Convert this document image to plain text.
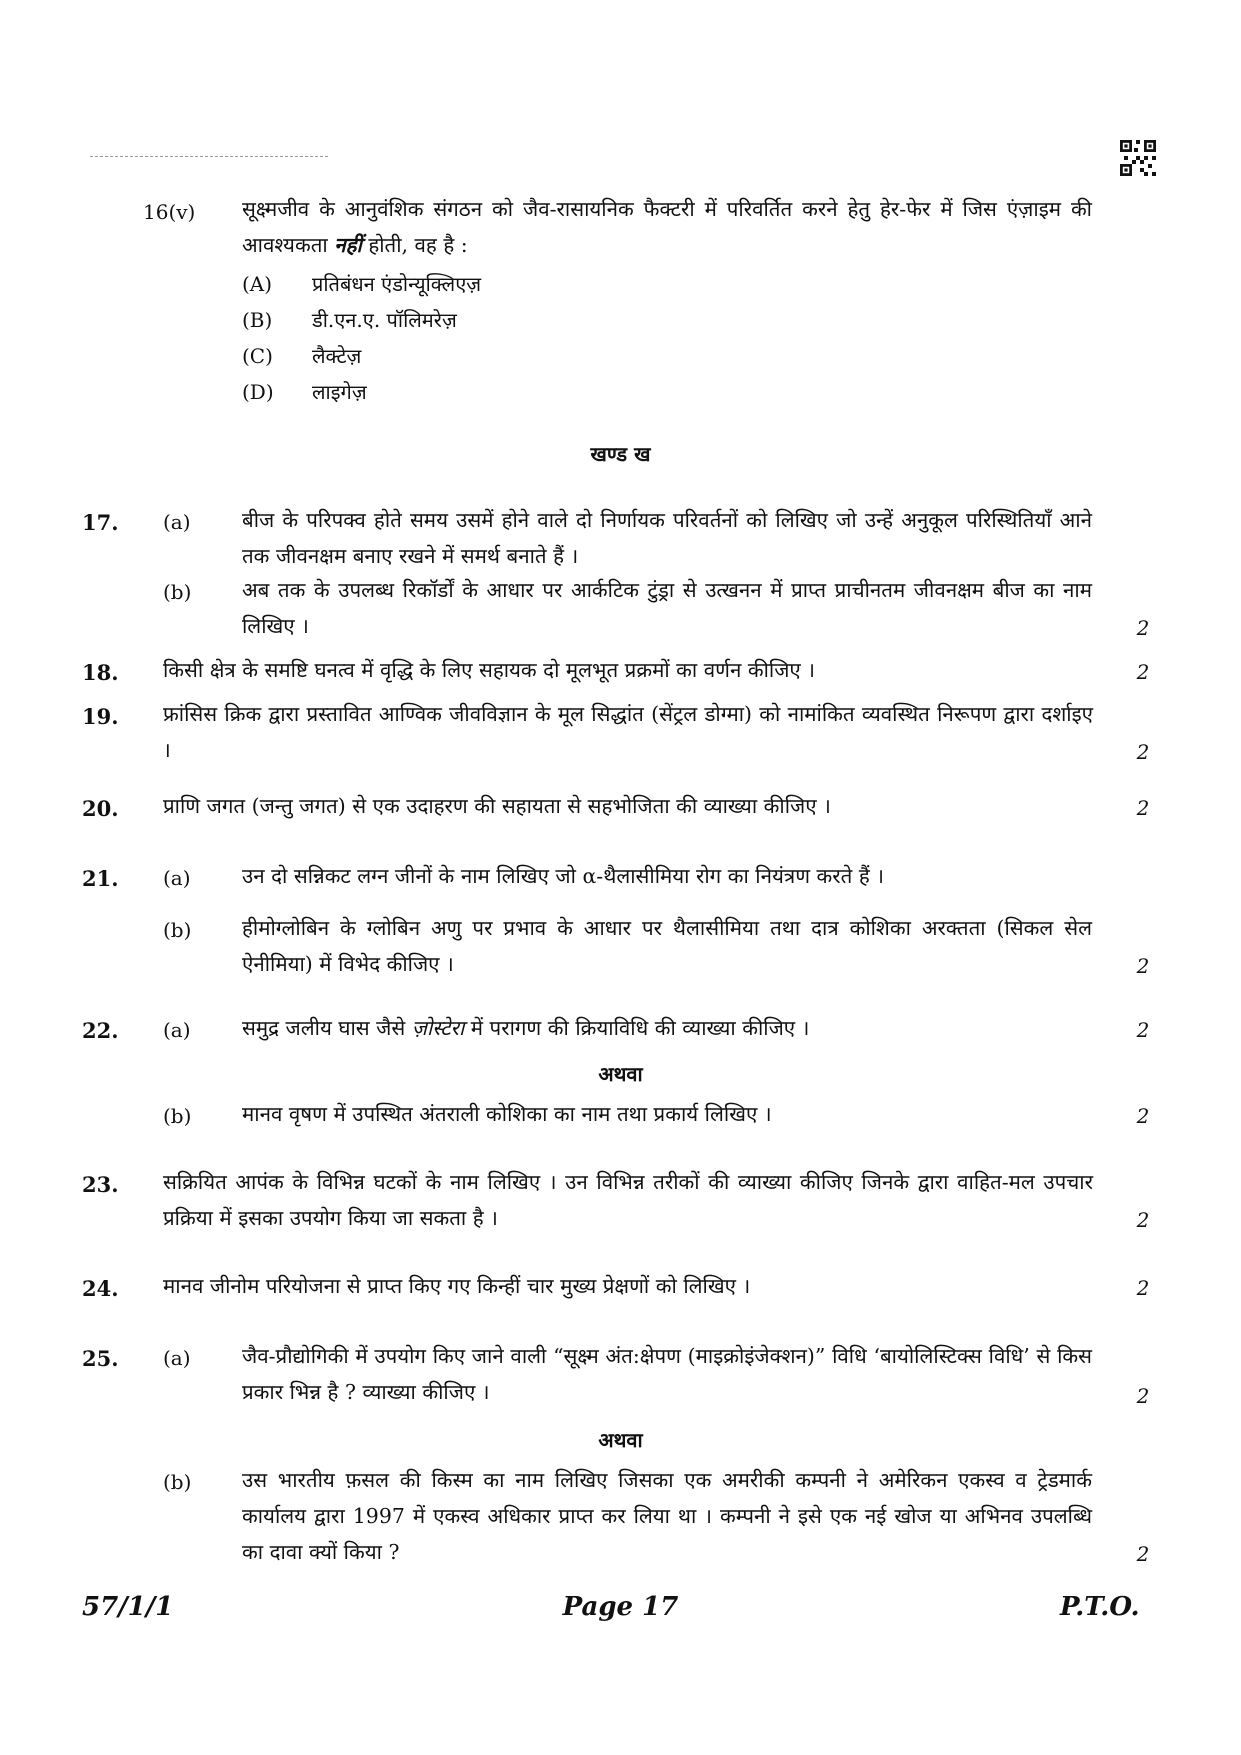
16(v) सूक्ष्मजीव के आनुवंशिक संगठन को जैव-रासायनिक फैक्टरी में परिवर्तित करने हेतु हेर-फेर में जिस एंज़ाइम की आवश्यकता नहीं होती, वह है :
(A) प्रतिबंधन एंडोन्यूक्लिएज़
(B) डी.एन.ए. पॉलिमरेज़
(C) लैक्टेज़
(D) लाइगेज़
खण्ड ख
17. (a)	बीज के परिपक्व होते समय उसमें होने वाले दो निर्णायक परिवर्तनों को लिखिए जो उन्हें अनुकूल परिस्थितियाँ आने तक जीवनक्षम बनाए रखने में समर्थ बनाते हैं ।
(b) अब तक के उपलब्ध रिकॉर्डों के आधार पर आर्कटिक टुंड्रा से उत्खनन में प्राप्त प्राचीनतम जीवनक्षम बीज का नाम लिखिए ।	2
18. किसी क्षेत्र के समष्टि घनत्व में वृद्धि के लिए सहायक दो मूलभूत प्रक्रमों का वर्णन कीजिए ।	2
19. फ्रांसिस क्रिक द्वारा प्रस्तावित आण्विक जीवविज्ञान के मूल सिद्धांत (सेंट्रल डोग्मा) को नामांकित व्यवस्थित निरूपण द्वारा दर्शाइए ।	2
20. प्राणि जगत (जन्तु जगत) से एक उदाहरण की सहायता से सहभोजिता की व्याख्या कीजिए ।	2
21. (a)	उन दो सन्निकट लग्न जीनों के नाम लिखिए जो α-थैलासीमिया रोग का नियंत्रण करते हैं ।
(b) हीमोग्लोबिन के ग्लोबिन अणु पर प्रभाव के आधार पर थैलासीमिया तथा दात्र कोशिका अरक्तता (सिकल सेल ऐनीमिया) में विभेद कीजिए ।	2
22. (a)	समुद्र जलीय घास जैसे ज़ोस्टेरा में परागण की क्रियाविधि की व्याख्या कीजिए ।	2
अथवा
(b) मानव वृषण में उपस्थित अंतराली कोशिका का नाम तथा प्रकार्य लिखिए ।	2
23. सक्रियित आपंक के विभिन्न घटकों के नाम लिखिए । उन विभिन्न तरीकों की व्याख्या कीजिए जिनके द्वारा वाहित-मल उपचार प्रक्रिया में इसका उपयोग किया जा सकता है ।	2
24. मानव जीनोम परियोजना से प्राप्त किए गए किन्हीं चार मुख्य प्रेक्षणों को लिखिए ।	2
25. (a)	जैव-प्रौद्योगिकी में उपयोग किए जाने वाली “सूक्ष्म अंत:क्षेपण (माइक्रोइंजेक्शन)” विधि ‘बायोलिस्टिक्स विधि’ से किस प्रकार भिन्न है ? व्याख्या कीजिए ।	2
अथवा
(b) उस भारतीय फ़सल की किस्म का नाम लिखिए जिसका एक अमरीकी कम्पनी ने अमेरिकन एकस्व व ट्रेडमार्क कार्यालय द्वारा 1997 में एकस्व अधिकार प्राप्त कर लिया था । कम्पनी ने इसे एक नई खोज या अभिनव उपलब्धि का दावा क्यों किया ?	2
57/1/1	Page 17	P.T.O.
